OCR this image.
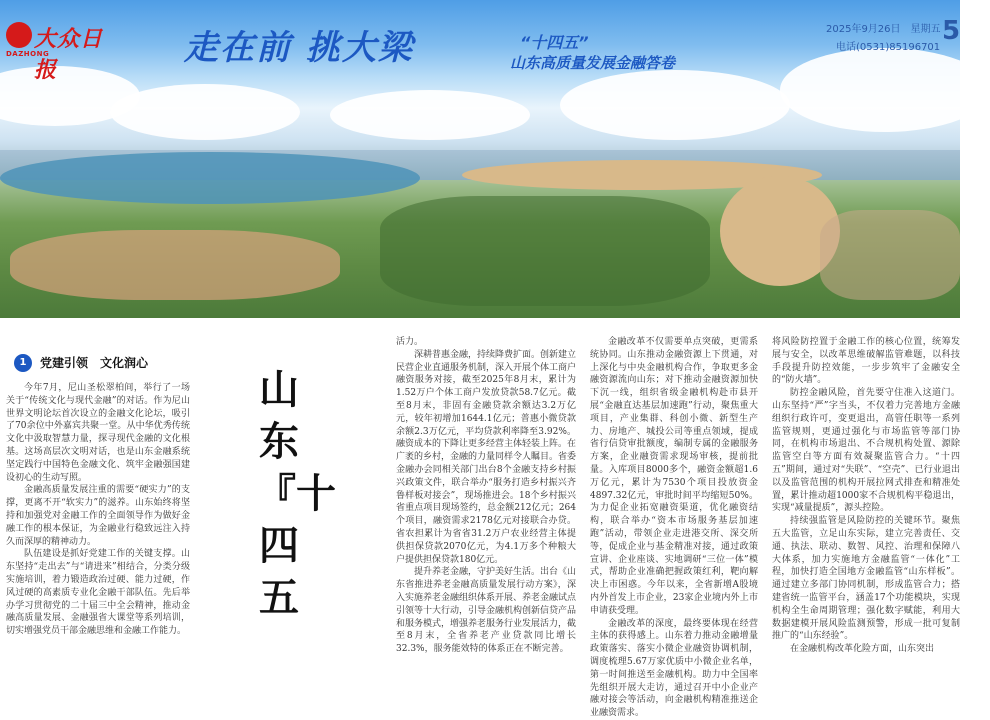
大众日报
DAZHONG	走在前 挑大梁	“十四五”
山东高质量发展金融答卷
2025年9月26日　星期五
电话(0531)85196701
5
1	党建引领　文化润心

今年7月，尼山圣松翠柏间，举行了一场关于“传统文化与现代金融”的对话。作为尼山世界文明论坛首次设立的金融文化论坛，吸引了70余位中外嘉宾共聚一堂。从中华优秀传统文化中汲取智慧力量，探寻现代金融的文化根基。这场高层次文明对话，也是山东金融系统坚定践行中国特色金融文化、筑牢金融强国建设初心的生动写照。

金融高质量发展注重的需要“硬实力”的支撑，更离不开“软实力”的滋养。山东始终将坚持和加强党对金融工作的全面领导作为做好金融工作的根本保证，为金融业行稳致远注入持久而深厚的精神动力。

队伍建设是抓好党建工作的关键支撑。山东坚持“走出去”与“请进来”相结合，分类分级实施培训，着力锻造政治过硬、能力过硬，作风过硬的高素质专业化金融干部队伍。先后举办学习贯彻党的二十届三中全会精神，推动金融高质量发展、金融强省大课堂等系列培训，切实增强党员干部金融思维和金融工作能力。

山东『十四五

活力。

深耕普惠金融，持续降费扩面。创新建立民营企业直通服务机制，深入开展个体工商户融资服务对接，截至2025年8月末，累计为1.52万户个体工商户发放贷款58.7亿元。截至8月末，非固有金融贷款余额达3.2万亿元，较年初增加1644.1亿元；普惠小微贷款余额2.3万亿元，平均贷款利率降至3.92%。融资成本的下降让更多经营主体轻装上阵。在广袤的乡村，金融的力量同样令人瞩目。省委金融办会同相关部门出台8个金融支持乡村振兴政策文件，联合举办“服务打造乡村振兴齐鲁样板对接会”，现场推进会。18个乡村振兴省重点项目现场签约，总金额212亿元；264个项目，融资需求2178亿元对接联合办贷。省农担累计为省省31.2万户农业经营主体提供担保贷款2070亿元，为4.1万多个种粮大户提供担保贷款180亿元。

提升养老金融，守护美好生活。出台《山东省推进养老金融高质量发展行动方案》，深入实施养老金融组织体系开展、养老金融试点引领等十大行动，引导金融机构创新信贷产品和服务模式，增强养老服务行业发展活力，截至8月末，全省养老产业贷款同比增长32.3%，服务能效特的体系正在不断完善。

金融改革不仅需要单点突破，更需系统协同。山东推动金融资源上下贯通，对上深化与中央金融机构合作，争取更多金融资源流向山东；对下推动金融资源加快下沉一线，组织省级金融机构赴市县开展“金融直达基层加速跑”行动，聚焦重大项目，产业集群、科创小微、新型生产力、房地产、城投公司等重点领域，提成省行信贷审批额度，编制专属的金融服务方案，企业融资需求现场审核，提前批量。入库项目8000多个，融资金额超1.6万亿元，累计为7530个项目投放资金4897.32亿元，审批时间平均缩短50%。为力促企业拓宽融资渠道，优化融资结构，联合举办“资本市场服务基层加速跑”活动，带领企业走进港交所、深交所等，促成企业与基金精准对接，通过政策宣讲、企业座谈、实地调研“三位一体”模式，帮助企业准确把握政策红利，靶向解决上市困惑。今年以来，全省新增A股境内外首发上市企业，23家企业境内外上市申请获受理。

金融改革的深度，最终要体现在经营主体的获得感上。山东着力推动金融增量政策落实、落实小微企业融资协调机制，调度梳理5.67万家优质中小微企业名单，第一时间推送至金融机构。助力中全国率先组织开展大走访，通过召开中小企业产融对接会等活动，向金融机构精准推送企业融资需求。

将风险防控置于金融工作的核心位置，统筹发展与安全，以改革思维破解监管难题，以科技手段提升防控效能，一步步筑牢了金融安全的“防火墙”。

防控金融风险，首先要守住准入这道门。山东坚持“严”字当头，不仅着力完善地方金融组织行政许可，变更退出，高管任职等一系列监管规则，更通过强化与市场监管等部门协同，在机构市场退出、不合规机构处置、源除监管空白等方面有效凝聚监管合力。“十四五”期间，通过对“失联”、“空壳”、已行业退出以及监管范围的机构开展拉网式排查和精准处置，累计推动超1000家不合规机构平稳退出，实现“减量提质”，源头控险。

持续强监管是风险防控的关键环节。聚焦五大监管，立足山东实际，建立完善责任、交通、执法、联动、数智、风控、治理和保障八大体系，加力实施地方金融监管“一体化”工程，加快打造全国地方金融监管“山东样板”。通过建立多部门协同机制，形成监管合力；搭建省统一监管平台，涵盖17个功能模块，实现机构全生命周期管理；强化数字赋能，利用大数据建模开展风险监测预警，形成一批可复制推广的“山东经验”。

在金融机构改革化险方面，山东突出
